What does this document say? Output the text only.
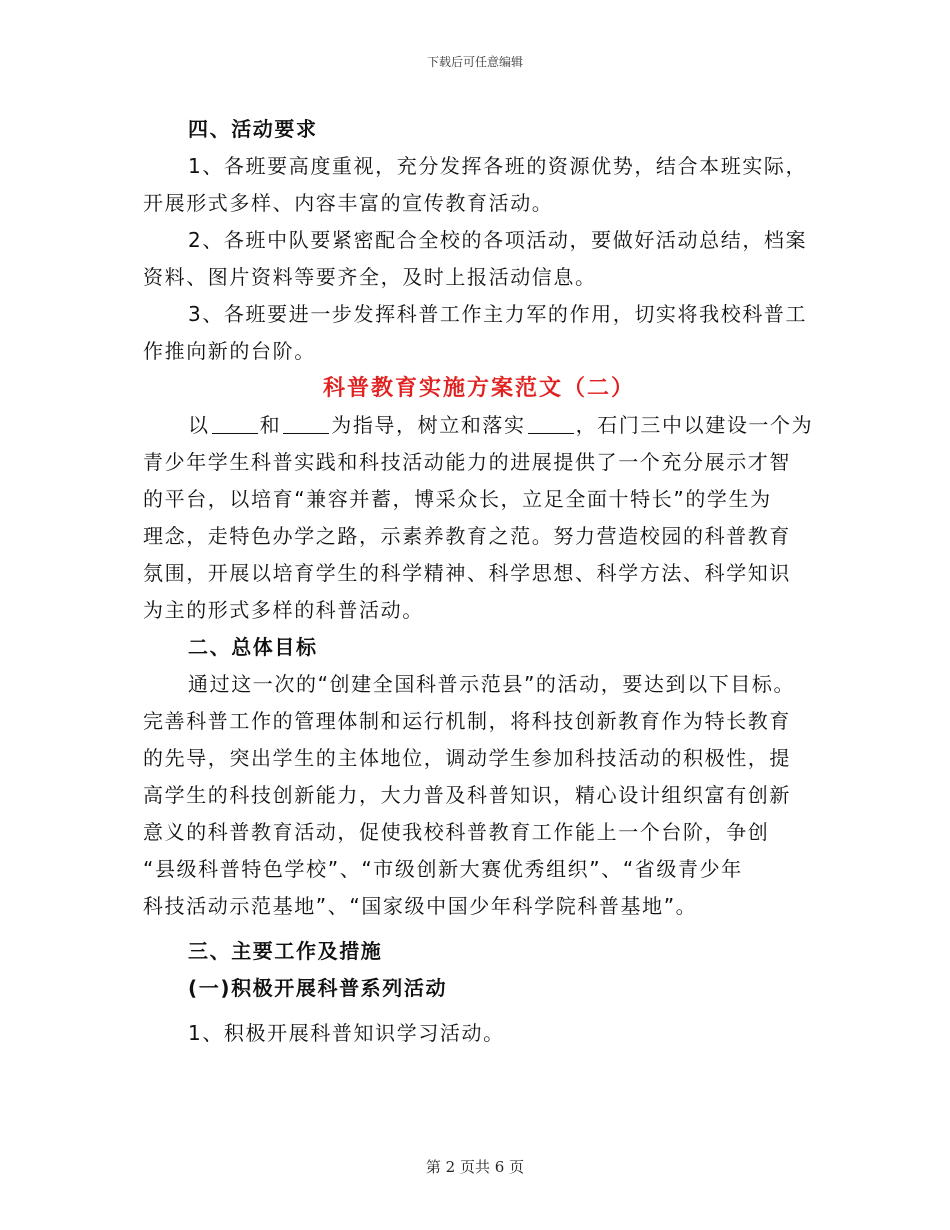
下载后可任意编辑
四、活动要求
1、各班要高度重视，充分发挥各班的资源优势，结合本班实际，
开展形式多样、内容丰富的宣传教育活动。
2、各班中队要紧密配合全校的各项活动，要做好活动总结，档案
资料、图片资料等要齐全，及时上报活动信息。
3、各班要进一步发挥科普工作主力军的作用，切实将我校科普工
作推向新的台阶。
科普教育实施方案范文（二）
以	和	为指导，树立和落实	，石门三中以建设一个为
青少年学生科普实践和科技活动能力的进展提供了一个充分展示才智
的平台，以培育“兼容并蓄，博采众长，立足全面十特长”的学生为
理念，走特色办学之路，示素养教育之范。努力营造校园的科普教育
氛围，开展以培育学生的科学精神、科学思想、科学方法、科学知识
为主的形式多样的科普活动。
二、总体目标
通过这一次的“创建全国科普示范县”的活动，要达到以下目标。
完善科普工作的管理体制和运行机制，将科技创新教育作为特长教育
的先导，突出学生的主体地位，调动学生参加科技活动的积极性，提
高学生的科技创新能力，大力普及科普知识，精心设计组织富有创新
意义的科普教育活动，促使我校科普教育工作能上一个台阶，争创
“县级科普特色学校”、“市级创新大赛优秀组织”、“省级青少年
科技活动示范基地”、“国家级中国少年科学院科普基地”。
三、主要工作及措施
(一)积极开展科普系列活动
1、积极开展科普知识学习活动。
第 2 页共 6 页
